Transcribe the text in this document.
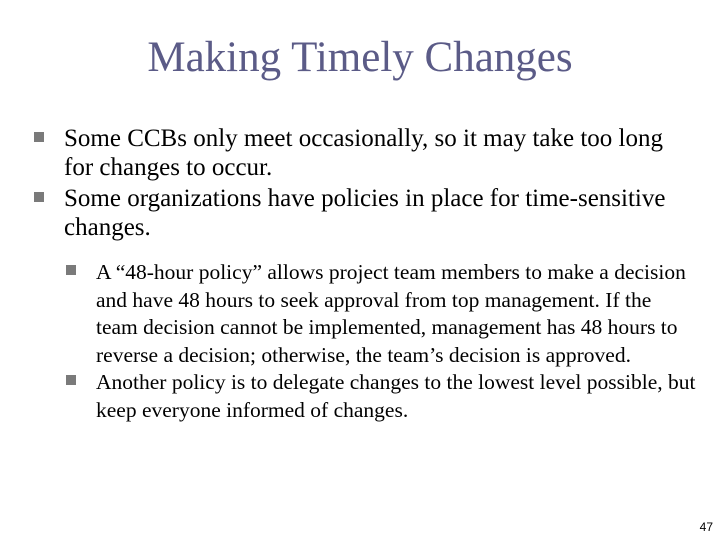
Making Timely Changes
Some CCBs only meet occasionally, so it may take too long for changes to occur.
Some organizations have policies in place for time-sensitive changes.
A “48-hour policy” allows project team members to make a decision and have 48 hours to seek approval from top management. If the team decision cannot be implemented, management has 48 hours to reverse a decision; otherwise, the team’s decision is approved.
Another policy is to delegate changes to the lowest level possible, but keep everyone informed of changes.
47
